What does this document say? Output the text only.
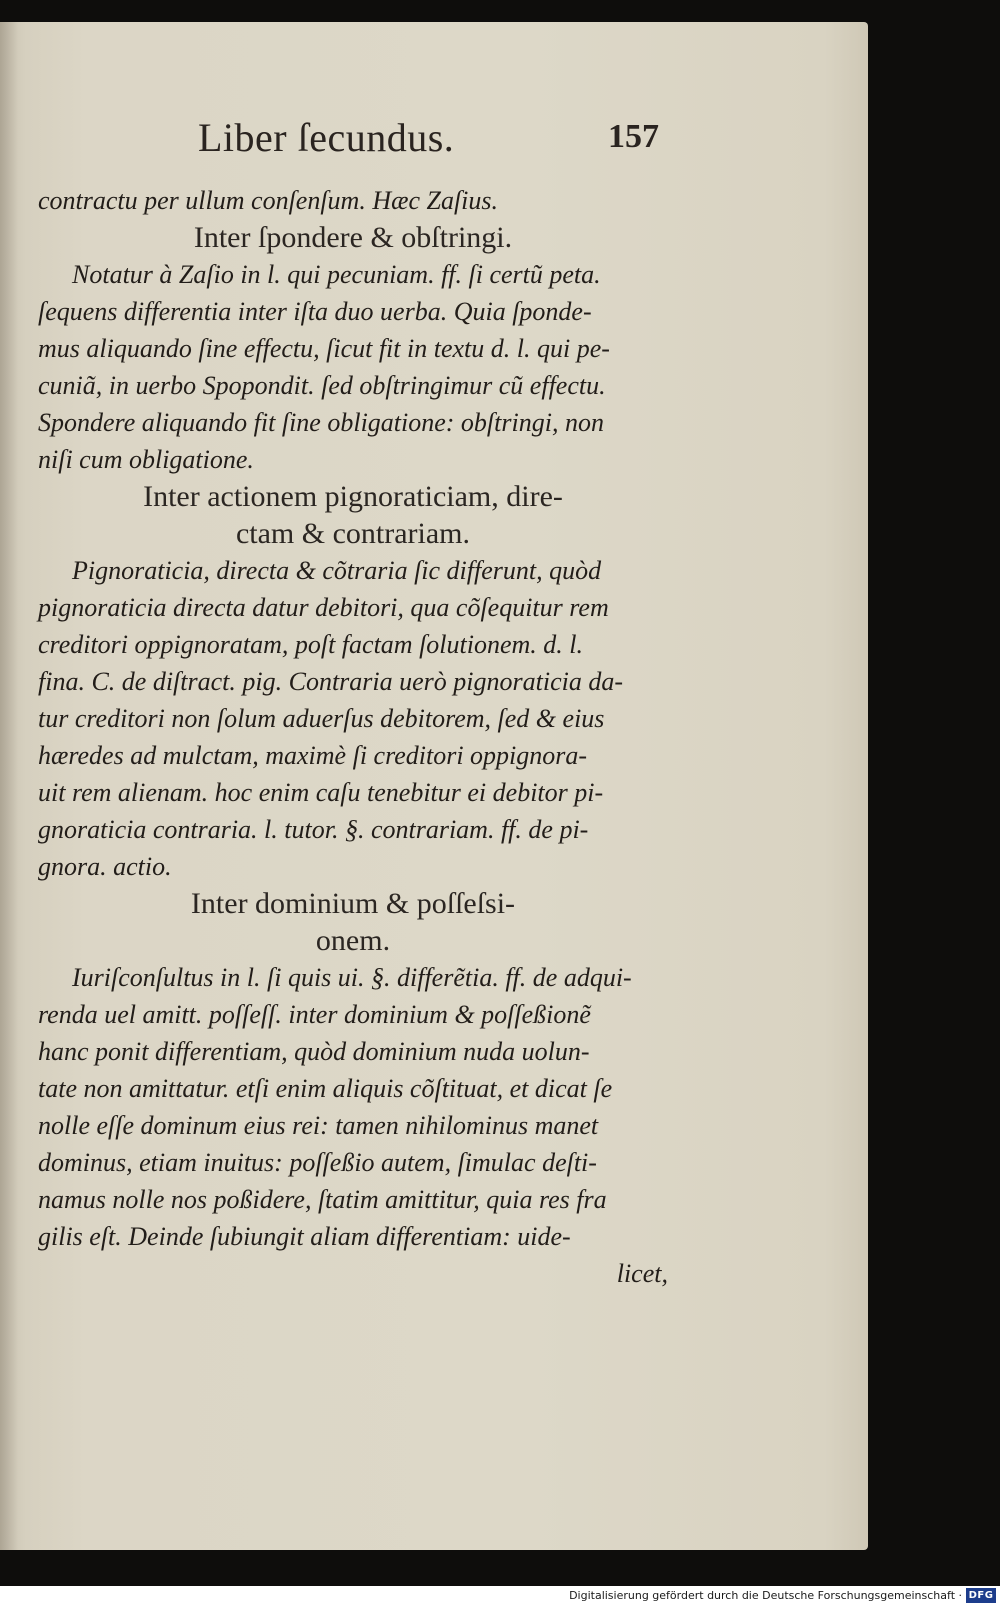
Liber ſecundus.	157
contractu per ullum conſenſum. Hæc Zaſius.
Inter ſpondere & obſtringi.
Notatur à Zaſio in l. qui pecuniam. ff. ſi certũ peta.
ſequens differentia inter iſta duo uerba. Quia ſponde-
mus aliquando ſine effectu, ſicut fit in textu d. l. qui pe-
cuniã, in uerbo Spopondit. ſed obſtringimur cũ effectu.
Spondere aliquando fit ſine obligatione: obſtringi, non
niſi cum obligatione.
Inter actionem pignoraticiam, dire-
ctam & contrariam.
Pignoraticia, directa & cõtraria ſic differunt, quòd
pignoraticia directa datur debitori, qua cõſequitur rem
creditori oppignoratam, poſt factam ſolutionem. d. l.
fina. C. de diſtract. pig. Contraria uerò pignoraticia da-
tur creditori non ſolum aduerſus debitorem, ſed & eius
hæredes ad mulctam, maximè ſi creditori oppignora-
uit rem alienam. hoc enim caſu tenebitur ei debitor pi-
gnoraticia contraria. l. tutor. §. contrariam. ff. de pi-
gnora. actio.
Inter dominium & poſſeſsi-
onem.
Iuriſconſultus in l. ſi quis ui. §. differẽtia. ff. de adqui-
renda uel amitt. poſſeſſ. inter dominium & poſſeßionẽ
hanc ponit differentiam, quòd dominium nuda uolun-
tate non amittatur. etſi enim aliquis cõſtituat, et dicat ſe
nolle eſſe dominum eius rei: tamen nihilominus manet
dominus, etiam inuitus: poſſeßio autem, ſimulac deſti-
namus nolle nos poßidere, ſtatim amittitur, quia res fra
gilis eſt. Deinde ſubiungit aliam differentiam: uide-
licet,
Digitalisierung gefördert durch die Deutsche Forschungsgemeinschaft · DFG
